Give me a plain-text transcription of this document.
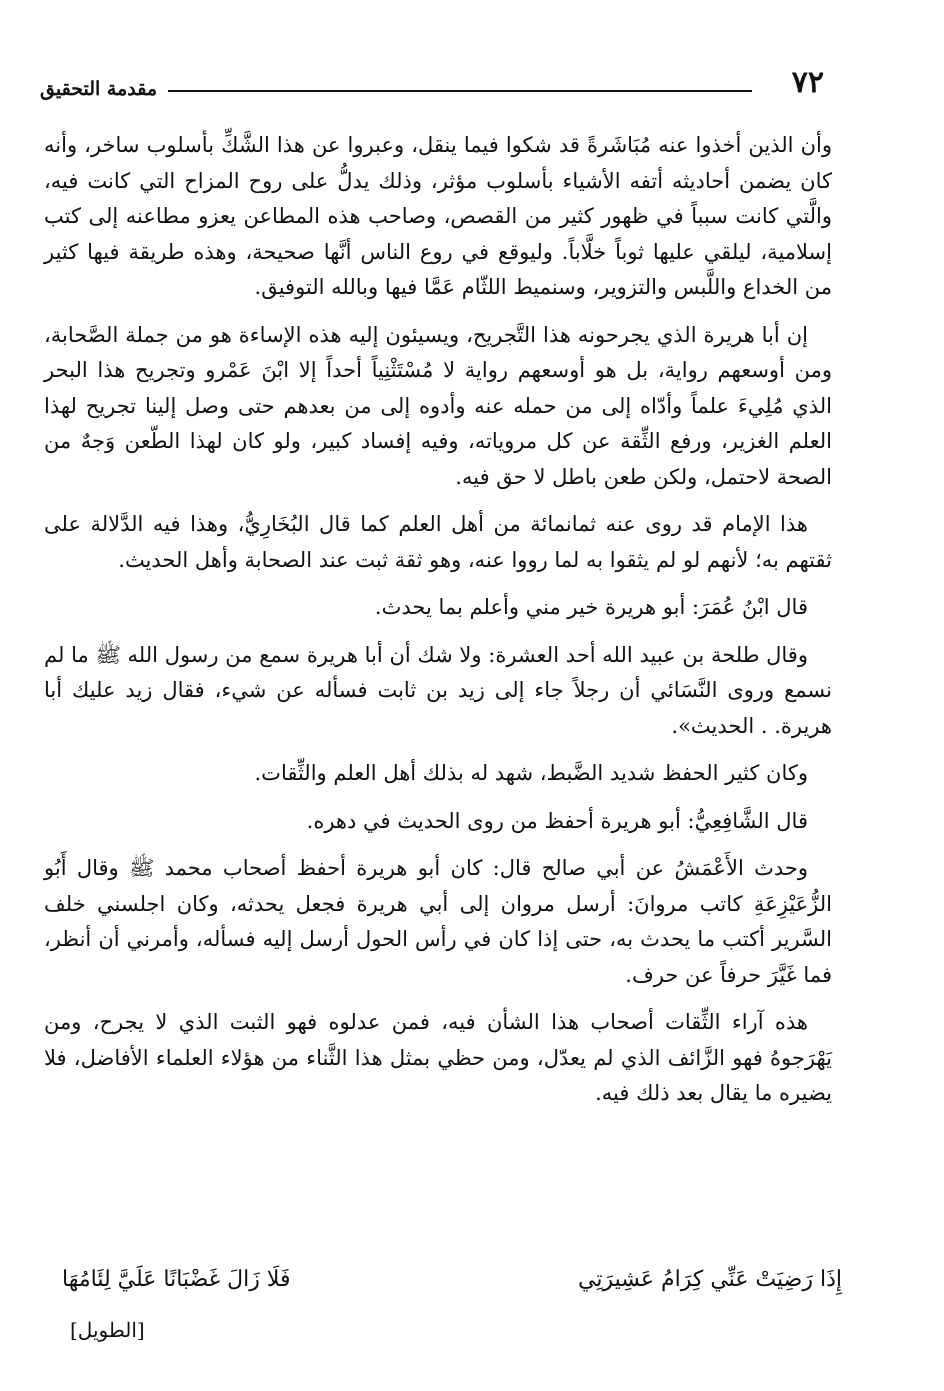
٧٢
مقدمة التحقيق

وأن الذين أخذوا عنه مُبَاشَرةً قد شكوا فيما ينقل، وعبروا عن هذا الشَّكِّ بأسلوب ساخر، وأنه كان يضمن أحاديثه أتفه الأشياء بأسلوب مؤثر، وذلك يدلُّ على روح المزاح التي كانت فيه، والَّتي كانت سبباً في ظهور كثير من القصص، وصاحب هذه المطاعن يعزو مطاعنه إلى كتب إسلامية، ليلقي عليها ثوباً خلَّاباً. وليوقع في روع الناس أنَّها صحيحة، وهذه طريقة فيها كثير من الخداع واللَّبس والتزوير، وسنميط اللثّام عَمَّا فيها وبالله التوفيق.

إن أبا هريرة الذي يجرحونه هذا التَّجريح، ويسيئون إليه هذه الإساءة هو من جملة الصَّحابة، ومن أوسعهم رواية، بل هو أوسعهم رواية لا مُسْتَثْنِياً أحداً إلا ابْنَ عَمْرو وتجريح هذا البحر الذي مُلِيءَ علماً وأدّاه إلى من حمله عنه وأدوه إلى من بعدهم حتى وصل إلينا تجريح لهذا العلم الغزير، ورفع الثِّقة عن كل مروياته، وفيه إفساد كبير، ولو كان لهذا الطّعن وَجهٌ من الصحة لاحتمل، ولكن طعن باطل لا حق فيه.

هذا الإمام قد روى عنه ثمانمائة من أهل العلم كما قال البُخَارِيُّ، وهذا فيه الدَّلالة على ثقتهم به؛ لأنهم لو لم يثقوا به لما رووا عنه، وهو ثقة ثبت عند الصحابة وأهل الحديث.

قال ابْنُ عُمَرَ: أبو هريرة خير مني وأعلم بما يحدث.

وقال طلحة بن عبيد الله أحد العشرة: ولا شك أن أبا هريرة سمع من رسول الله ﷺ ما لم نسمع وروى النَّسَائي أن رجلاً جاء إلى زيد بن ثابت فسأله عن شيء، فقال زيد عليك أبا هريرة. . الحديث».

وكان كثير الحفظ شديد الضَّبط، شهد له بذلك أهل العلم والثِّقات.

قال الشَّافِعِيُّ: أبو هريرة أحفظ من روى الحديث في دهره.

وحدث الأَعْمَشُ عن أبي صالح قال: كان أبو هريرة أحفظ أصحاب محمد ﷺ وقال أَبُو الزُّعَيْزِعَةِ كاتب مروانَ: أرسل مروان إلى أبي هريرة فجعل يحدثه، وكان اجلسني خلف السَّرير أكتب ما يحدث به، حتى إذا كان في رأس الحول أرسل إليه فسأله، وأمرني أن أنظر، فما غَيَّرَ حرفاً عن حرف.

هذه آراء الثِّقات أصحاب هذا الشأن فيه، فمن عدلوه فهو الثبت الذي لا يجرح، ومن يَهْرَجوهُ فهو الزَّائف الذي لم يعدّل، ومن حظي بمثل هذا الثَّناء من هؤلاء العلماء الأفاضل، فلا يضيره ما يقال بعد ذلك فيه.

إِذَا رَضِيَتْ عَنِّي كِرَامُ عَشِيرَتِي
فَلَا زَالَ غَضْبَانًا عَلَيَّ لِئَامُهَا
[الطويل]
